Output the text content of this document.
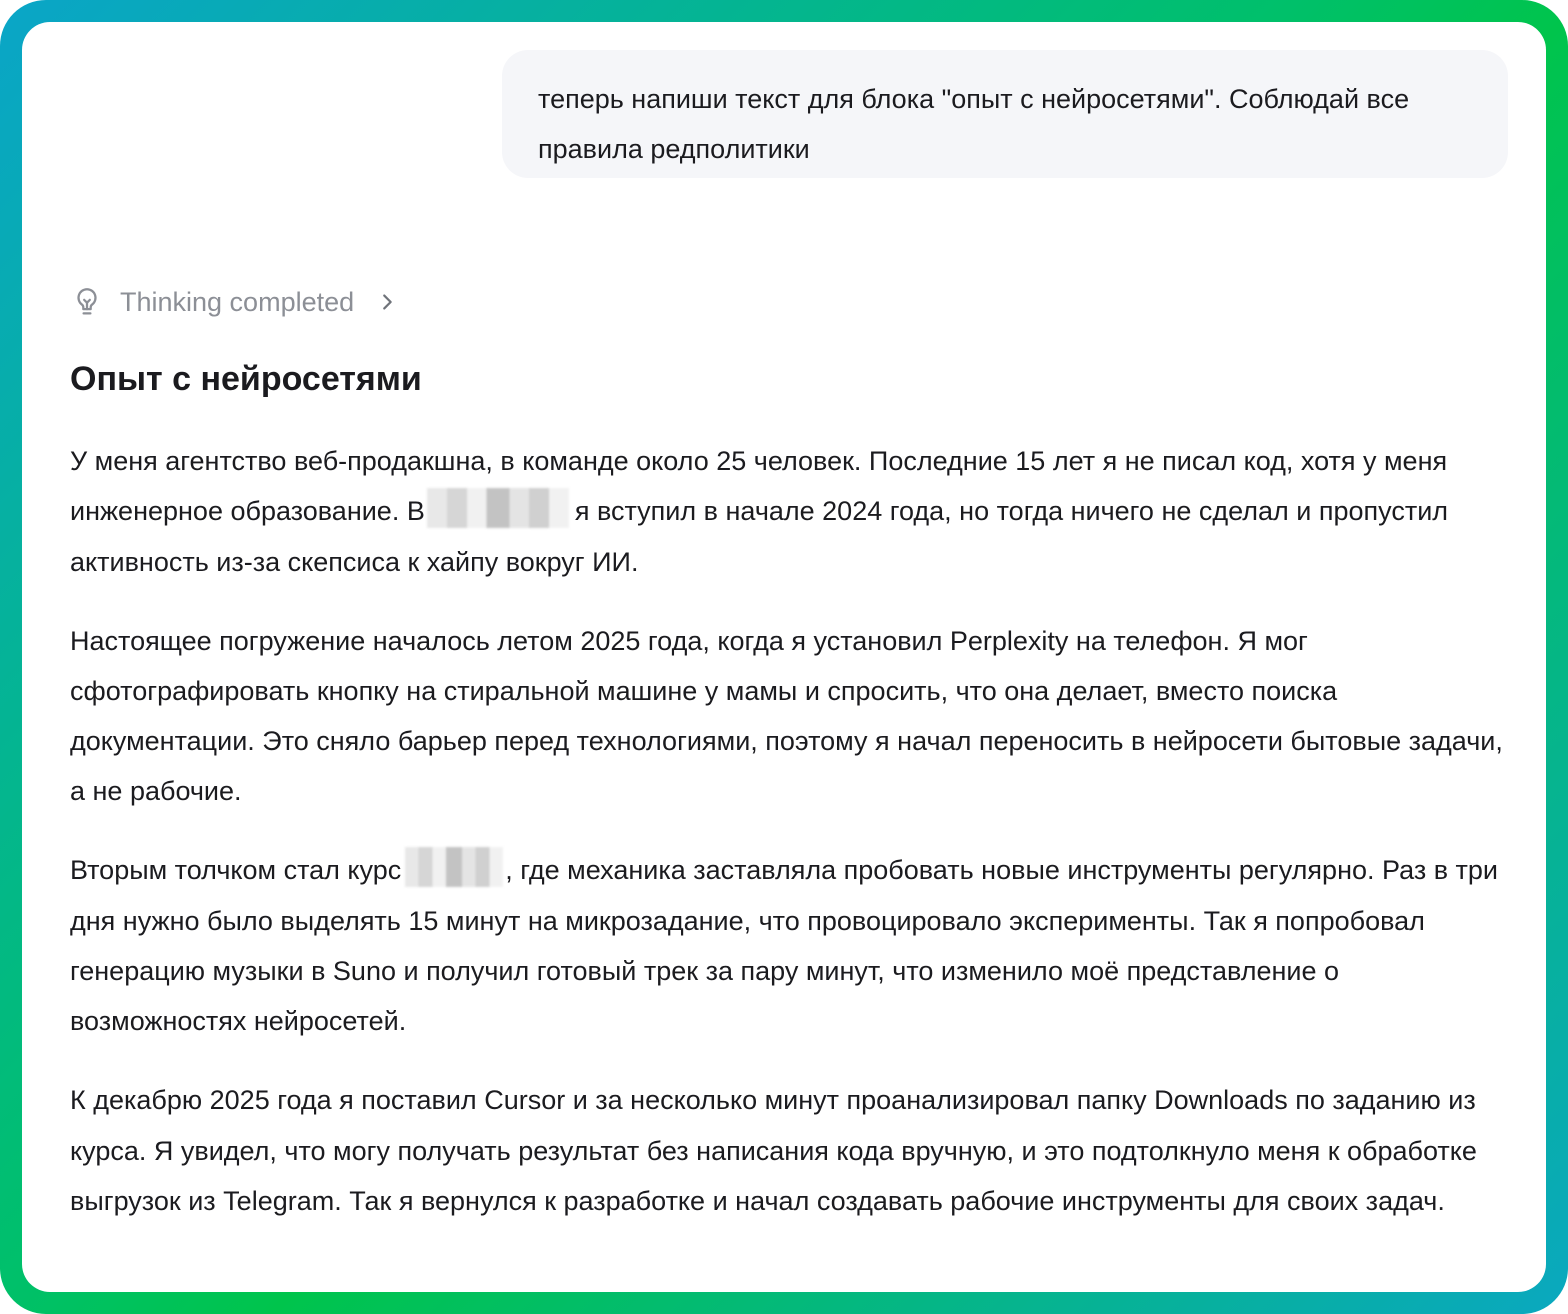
теперь напиши текст для блока "опыт с нейросетями". Соблюдай все правила редполитики
Thinking completed
Опыт с нейросетями

У меня агентство веб-продакшна, в команде около 25 человек. Последние 15 лет я не писал код, хотя у меня инженерное образование. В	я вступил в начале 2024 года, но тогда ничего не сделал и пропустил активность из-за скепсиса к хайпу вокруг ИИ.

Настоящее погружение началось летом 2025 года, когда я установил Perplexity на телефон. Я мог сфотографировать кнопку на стиральной машине у мамы и спросить, что она делает, вместо поиска документации. Это сняло барьер перед технологиями, поэтому я начал переносить в нейросети бытовые задачи, а не рабочие.

Вторым толчком стал курс	, где механика заставляла пробовать новые инструменты регулярно. Раз в три дня нужно было выделять 15 минут на микрозадание, что провоцировало эксперименты. Так я попробовал генерацию музыки в Suno и получил готовый трек за пару минут, что изменило моё представление о возможностях нейросетей.

К декабрю 2025 года я поставил Cursor и за несколько минут проанализировал папку Downloads по заданию из курса. Я увидел, что могу получать результат без написания кода вручную, и это подтолкнуло меня к обработке выгрузок из Telegram. Так я вернулся к разработке и начал создавать рабочие инструменты для своих задач.
